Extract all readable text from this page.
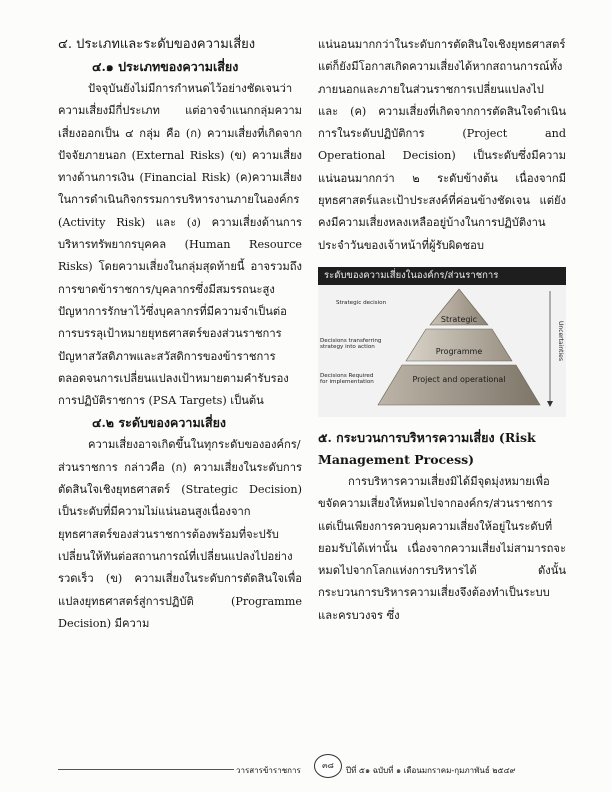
๔. ประเภทและระดับของความเสี่ยง

๔.๑ ประเภทของความเสี่ยง

ปัจจุบันยังไม่มีการกำหนดไว้อย่างชัดเจนว่าความเสี่ยงมีกี่ประเภท แต่อาจจำแนกกลุ่มความเสี่ยงออกเป็น ๔ กลุ่ม คือ (ก) ความเสี่ยงที่เกิดจากปัจจัยภายนอก (External Risks) (ข) ความเสี่ยงทางด้านการเงิน (Financial Risk) (ค)ความเสี่ยงในการดำเนินกิจกรรมการบริหารงานภายในองค์กร (Activity Risk) และ (ง) ความเสี่ยงด้านการบริหารทรัพยากรบุคคล (Human Resource Risks) โดยความเสี่ยงในกลุ่มสุดท้ายนี้ อาจรวมถึงการขาดข้าราชการ/บุคลากรซึ่งมีสมรรถนะสูง ปัญหาการรักษาไว้ซึ่งบุคลากรที่มีความจำเป็นต่อการบรรลุเป้าหมายยุทธศาสตร์ของส่วนราชการ ปัญหาสวัสดิภาพและสวัสดิการของข้าราชการตลอดจนการเปลี่ยนแปลงเป้าหมายตามคำรับรองการปฏิบัติราชการ (PSA Targets) เป็นต้น

๔.๒ ระดับของความเสี่ยง

ความเสี่ยงอาจเกิดขึ้นในทุกระดับขององค์กร/ส่วนราชการ กล่าวคือ (ก) ความเสี่ยงในระดับการตัดสินใจเชิงยุทธศาสตร์ (Strategic Decision) เป็นระดับที่มีความไม่แน่นอนสูงเนื่องจากยุทธศาสตร์ของส่วนราชการต้องพร้อมที่จะปรับเปลี่ยนให้ทันต่อสถานการณ์ที่เปลี่ยนแปลงไปอย่างรวดเร็ว (ข) ความเสี่ยงในระดับการตัดสินใจเพื่อแปลงยุทธศาสตร์สู่การปฏิบัติ (Programme Decision) มีความ

แน่นอนมากกว่าในระดับการตัดสินใจเชิงยุทธศาสตร์ แต่ก็ยังมีโอกาสเกิดความเสี่ยงได้หากสถานการณ์ทั้งภายนอกและภายในส่วนราชการเปลี่ยนแปลงไป และ (ค) ความเสี่ยงที่เกิดจากการตัดสินใจดำเนินการในระดับปฏิบัติการ (Project and Operational Decision) เป็นระดับซึ่งมีความแน่นอนมากกว่า ๒ ระดับข้างต้น เนื่องจากมียุทธศาสตร์และเป้าประสงค์ที่ค่อนข้างชัดเจน แต่ยังคงมีความเสี่ยงหลงเหลืออยู่บ้างในการปฏิบัติงานประจำวันของเจ้าหน้าที่ผู้รับผิดชอบ

ระดับของความเสี่ยงในองค์กร/ส่วนราชการ
Strategic decision
Decisions transferring strategy into action
Decisions Required for implementation
Strategic
Programme
Project and operational
Uncertainties

๕. กระบวนการบริหารความเสี่ยง (Risk Management Process)

การบริหารความเสี่ยงมิได้มีจุดมุ่งหมายเพื่อขจัดความเสี่ยงให้หมดไปจากองค์กร/ส่วนราชการ แต่เป็นเพียงการควบคุมความเสี่ยงให้อยู่ในระดับที่ยอมรับได้เท่านั้น เนื่องจากความเสี่ยงไม่สามารถจะหมดไปจากโลกแห่งการบริหารได้ ดังนั้นกระบวนการบริหารความเสี่ยงจึงต้องทำเป็นระบบและครบวงจร ซึ่ง

วารสารข้าราชการ
๓๘
ปีที่ ๕๑ ฉบับที่ ๑ เดือนมกราคม-กุมภาพันธ์ ๒๕๔๙
